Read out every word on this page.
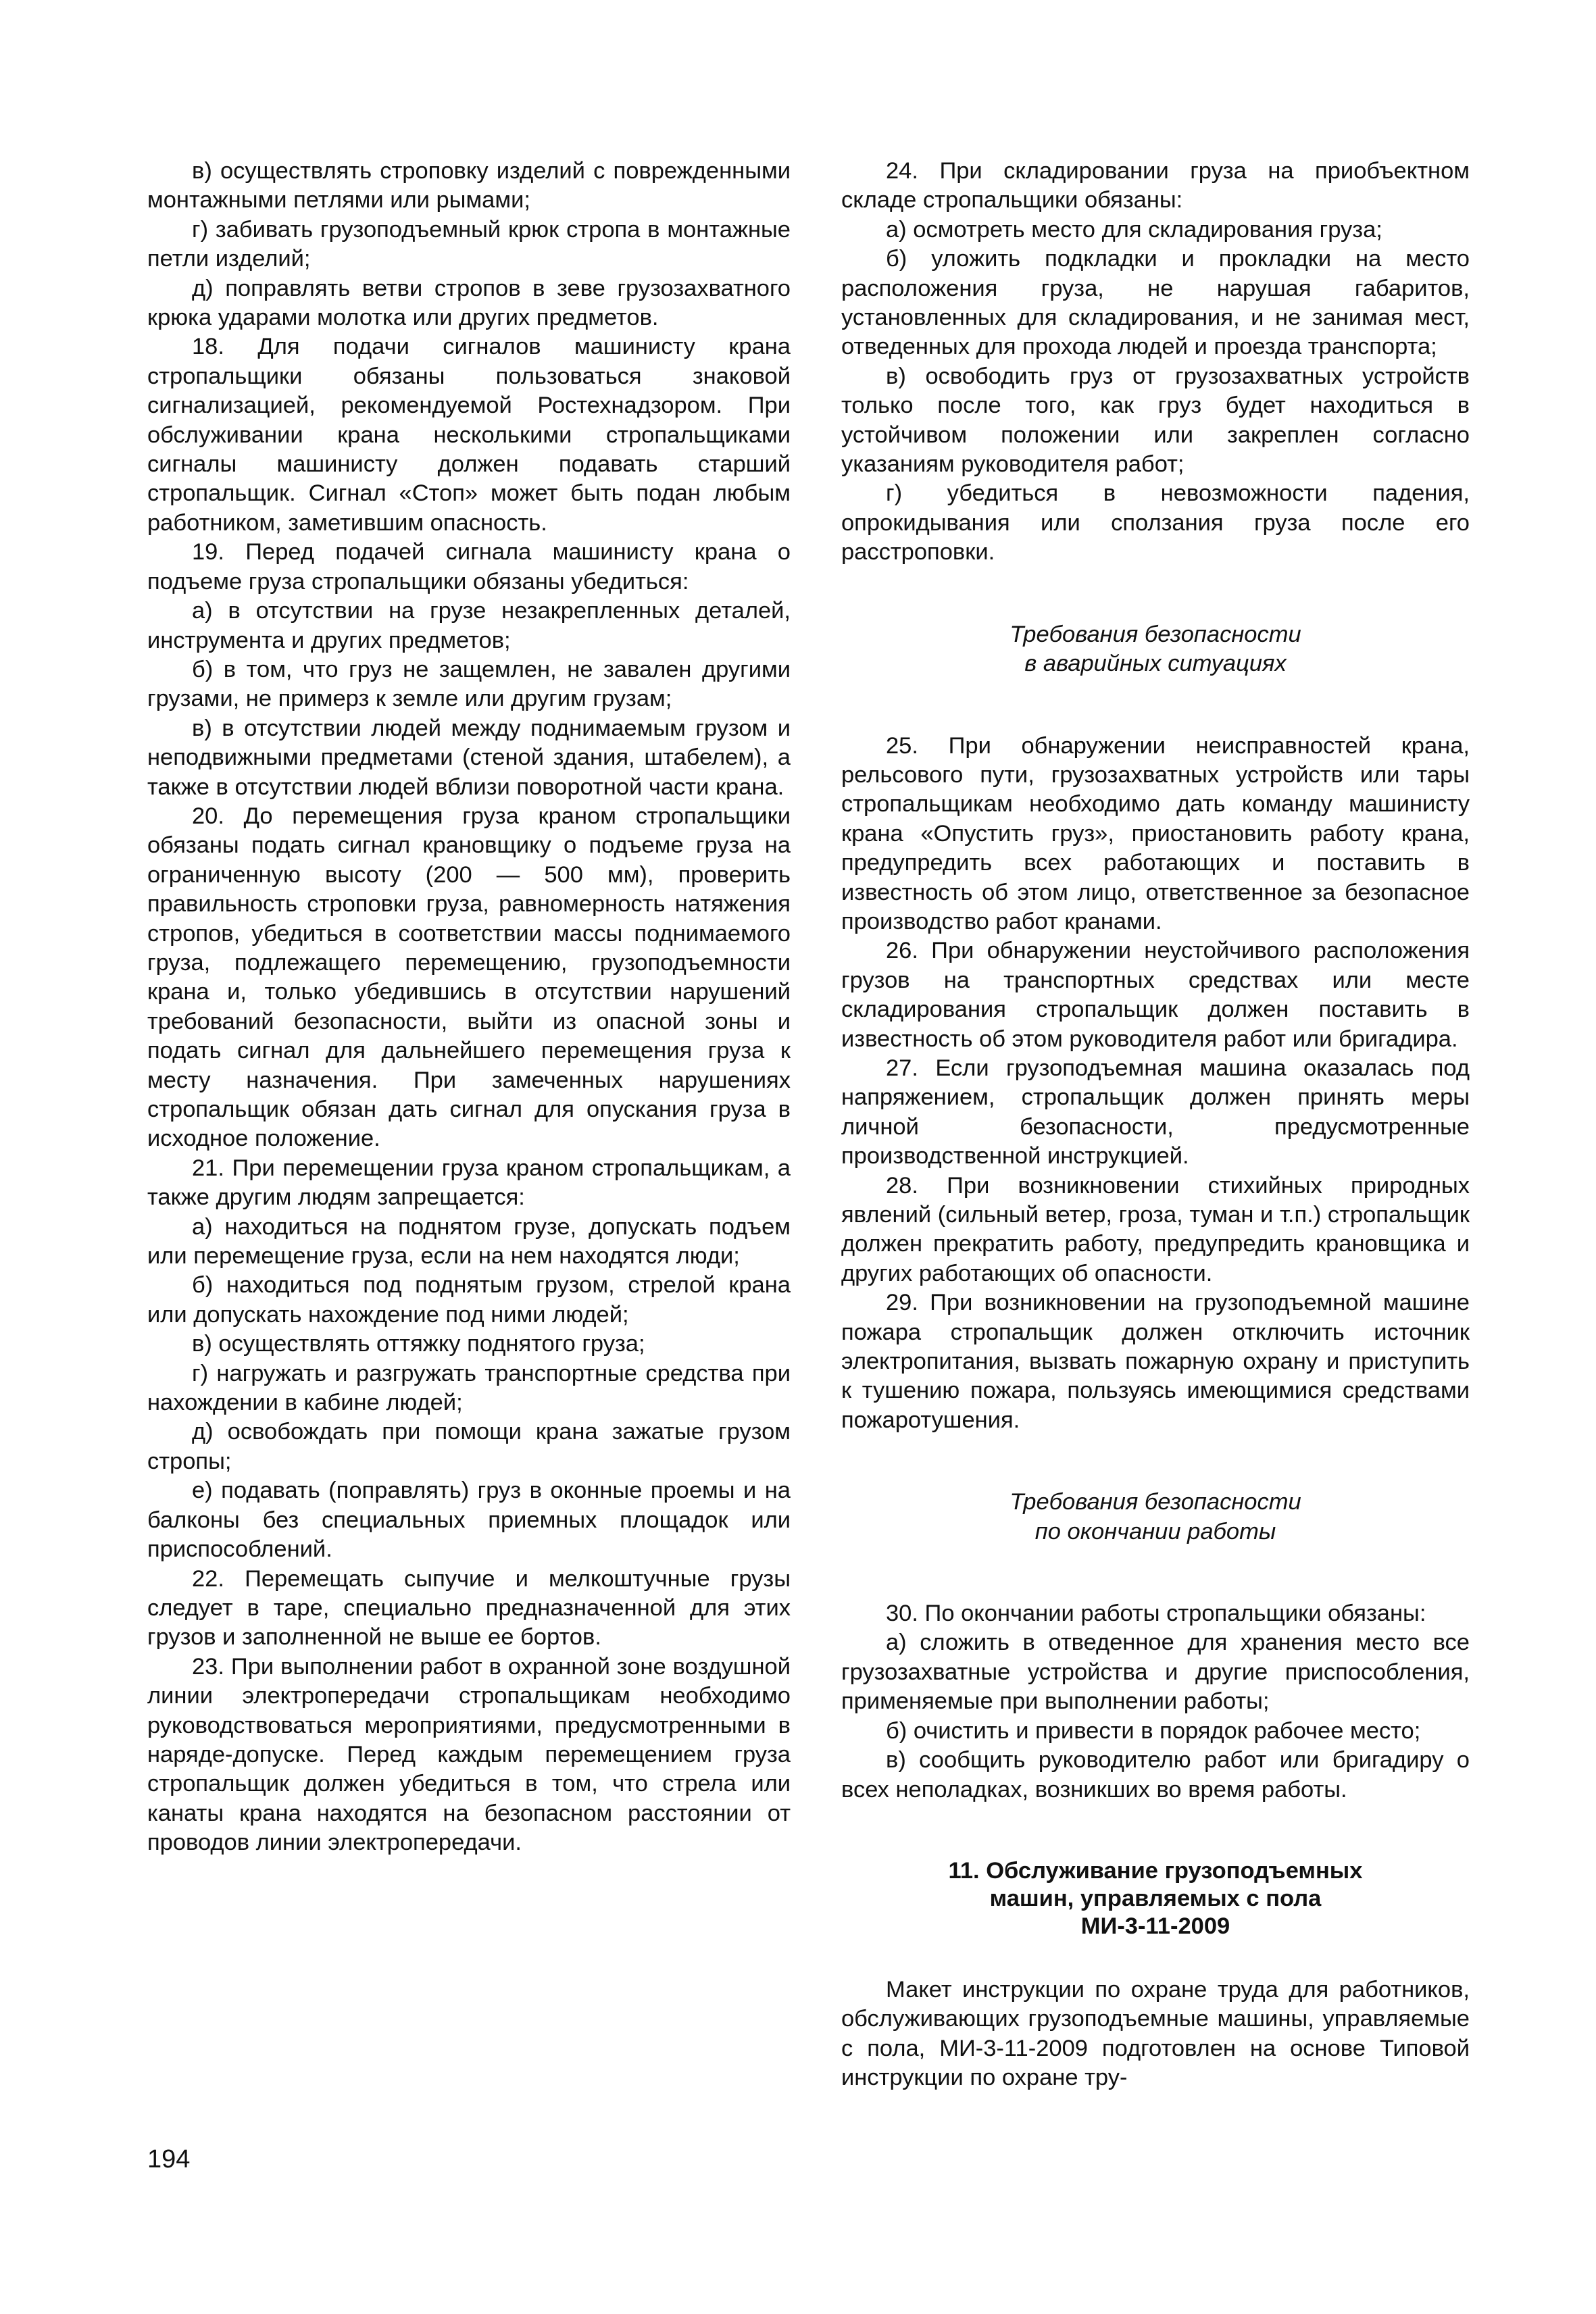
в) осуществлять строповку изделий с поврежденными монтажными петлями или рымами;

г) забивать грузоподъемный крюк стропа в монтажные петли изделий;

д) поправлять ветви стропов в зеве грузозахватного крюка ударами молотка или других предметов.

18. Для подачи сигналов машинисту крана стропальщики обязаны пользоваться знаковой сигнализацией, рекомендуемой Ростехнадзором. При обслуживании крана несколькими стропальщиками сигналы машинисту должен подавать старший стропальщик. Сигнал «Стоп» может быть подан любым работником, заметившим опасность.

19. Перед подачей сигнала машинисту крана о подъеме груза стропальщики обязаны убедиться:

а) в отсутствии на грузе незакрепленных деталей, инструмента и других предметов;

б) в том, что груз не защемлен, не завален другими грузами, не примерз к земле или другим грузам;

в) в отсутствии людей между поднимаемым грузом и неподвижными предметами (стеной здания, штабелем), а также в отсутствии людей вблизи поворотной части крана.

20. До перемещения груза краном стропальщики обязаны подать сигнал крановщику о подъеме груза на ограниченную высоту (200 — 500 мм), проверить правильность строповки груза, равномерность натяжения стропов, убедиться в соответствии массы поднимаемого груза, подлежащего перемещению, грузоподъемности крана и, только убедившись в отсутствии нарушений требований безопасности, выйти из опасной зоны и подать сигнал для дальнейшего перемещения груза к месту назначения. При замеченных нарушениях стропальщик обязан дать сигнал для опускания груза в исходное положение.

21. При перемещении груза краном стропальщикам, а также другим людям запрещается:

а) находиться на поднятом грузе, допускать подъем или перемещение груза, если на нем находятся люди;

б) находиться под поднятым грузом, стрелой крана или допускать нахождение под ними людей;

в) осуществлять оттяжку поднятого груза;

г) нагружать и разгружать транспортные средства при нахождении в кабине людей;

д) освобождать при помощи крана зажатые грузом стропы;

е) подавать (поправлять) груз в оконные проемы и на балконы без специальных приемных площадок или приспособлений.

22. Перемещать сыпучие и мелкоштучные грузы следует в таре, специально предназначенной для этих грузов и заполненной не выше ее бортов.

23. При выполнении работ в охранной зоне воздушной линии электропередачи стропальщикам необходимо руководствоваться мероприятиями, предусмотренными в наряде-допуске. Перед каждым перемещением груза стропальщик должен убедиться в том, что стрела или канаты крана находятся на безопасном расстоянии от проводов линии электропередачи.

24. При складировании груза на приобъектном складе стропальщики обязаны:

а) осмотреть место для складирования груза;

б) уложить подкладки и прокладки на место расположения груза, не нарушая габаритов, установленных для складирования, и не занимая мест, отведенных для прохода людей и проезда транспорта;

в) освободить груз от грузозахватных устройств только после того, как груз будет находиться в устойчивом положении или закреплен согласно указаниям руководителя работ;

г) убедиться в невозможности падения, опрокидывания или сползания груза после его расстроповки.

Требования безопасности
в аварийных ситуациях

25. При обнаружении неисправностей крана, рельсового пути, грузозахватных устройств или тары стропальщикам необходимо дать команду машинисту крана «Опустить груз», приостановить работу крана, предупредить всех работающих и поставить в известность об этом лицо, ответственное за безопасное производство работ кранами.

26. При обнаружении неустойчивого расположения грузов на транспортных средствах или месте складирования стропальщик должен поставить в известность об этом руководителя работ или бригадира.

27. Если грузоподъемная машина оказалась под напряжением, стропальщик должен принять меры личной безопасности, предусмотренные производственной инструкцией.

28. При возникновении стихийных природных явлений (сильный ветер, гроза, туман и т.п.) стропальщик должен прекратить работу, предупредить крановщика и других работающих об опасности.

29. При возникновении на грузоподъемной машине пожара стропальщик должен отключить источник электропитания, вызвать пожарную охрану и приступить к тушению пожара, пользуясь имеющимися средствами пожаротушения.

Требования безопасности
по окончании работы

30. По окончании работы стропальщики обязаны:

а) сложить в отведенное для хранения место все грузозахватные устройства и другие приспособления, применяемые при выполнении работы;

б) очистить и привести в порядок рабочее место;

в) сообщить руководителю работ или бригадиру о всех неполадках, возникших во время работы.

11. Обслуживание грузоподъемных
машин, управляемых с пола
МИ-3-11-2009

Макет инструкции по охране труда для работников, обслуживающих грузоподъемные машины, управляемые с пола, МИ-3-11-2009 подготовлен на основе Типовой инструкции по охране тру-

194
